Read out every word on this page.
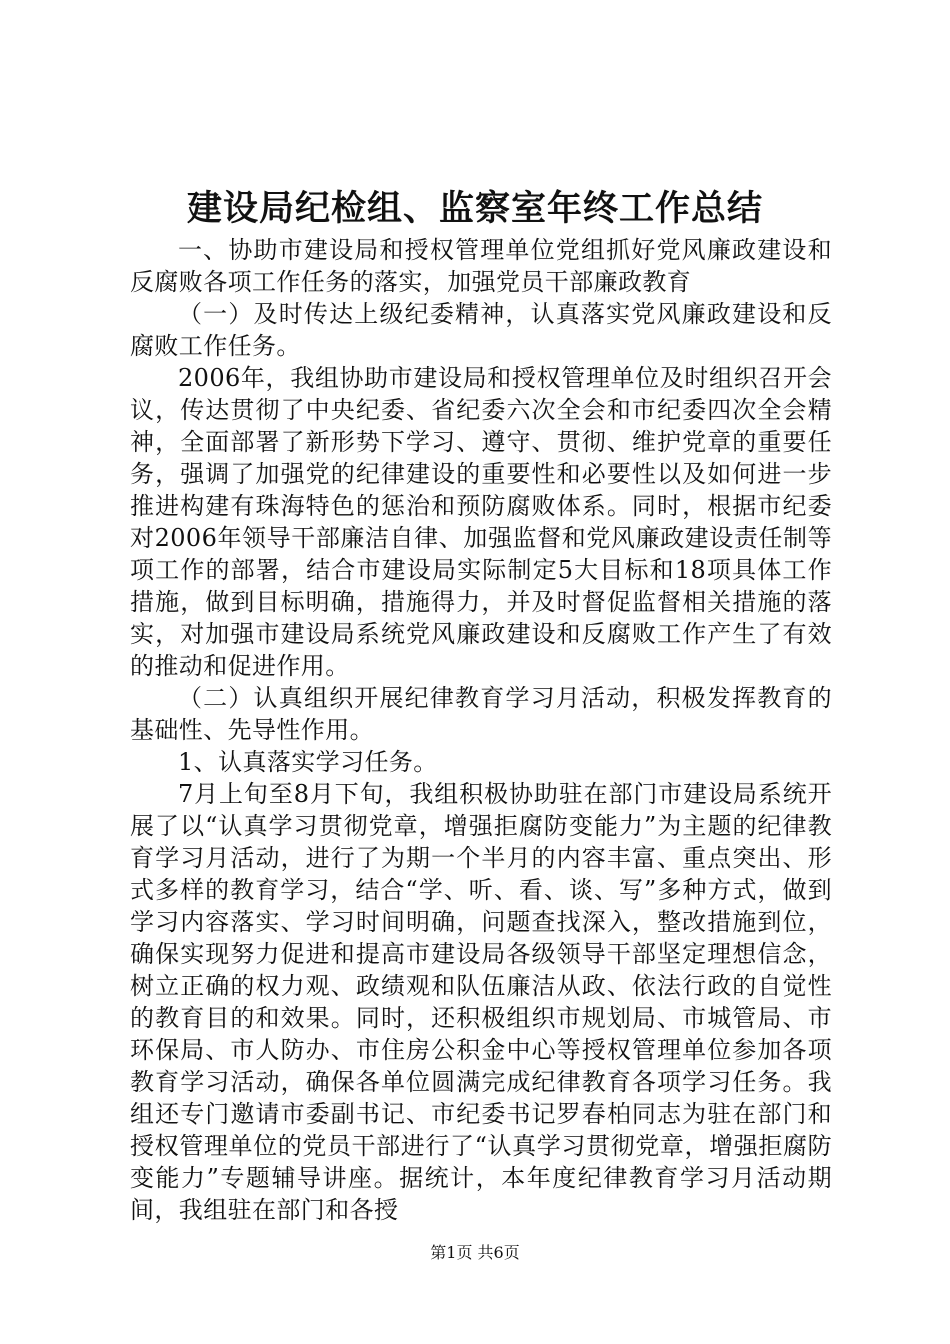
建设局纪检组、监察室年终工作总结

一、协助市建设局和授权管理单位党组抓好党风廉政建设和反腐败各项工作任务的落实，加强党员干部廉政教育

（一）及时传达上级纪委精神，认真落实党风廉政建设和反腐败工作任务。

2006年，我组协助市建设局和授权管理单位及时组织召开会议，传达贯彻了中央纪委、省纪委六次全会和市纪委四次全会精神，全面部署了新形势下学习、遵守、贯彻、维护党章的重要任务，强调了加强党的纪律建设的重要性和必要性以及如何进一步推进构建有珠海特色的惩治和预防腐败体系。同时，根据市纪委对2006年领导干部廉洁自律、加强监督和党风廉政建设责任制等项工作的部署，结合市建设局实际制定5大目标和18项具体工作措施，做到目标明确，措施得力，并及时督促监督相关措施的落实，对加强市建设局系统党风廉政建设和反腐败工作产生了有效的推动和促进作用。

（二）认真组织开展纪律教育学习月活动，积极发挥教育的基础性、先导性作用。

1、认真落实学习任务。

7月上旬至8月下旬，我组积极协助驻在部门市建设局系统开展了以“认真学习贯彻党章，增强拒腐防变能力”为主题的纪律教育学习月活动，进行了为期一个半月的内容丰富、重点突出、形式多样的教育学习，结合“学、听、看、谈、写”多种方式，做到学习内容落实、学习时间明确，问题查找深入，整改措施到位，确保实现努力促进和提高市建设局各级领导干部坚定理想信念，树立正确的权力观、政绩观和队伍廉洁从政、依法行政的自觉性的教育目的和效果。同时，还积极组织市规划局、市城管局、市环保局、市人防办、市住房公积金中心等授权管理单位参加各项教育学习活动，确保各单位圆满完成纪律教育各项学习任务。我组还专门邀请市委副书记、市纪委书记罗春柏同志为驻在部门和授权管理单位的党员干部进行了“认真学习贯彻党章，增强拒腐防变能力”专题辅导讲座。据统计，本年度纪律教育学习月活动期间，我组驻在部门和各授

第1页 共6页
